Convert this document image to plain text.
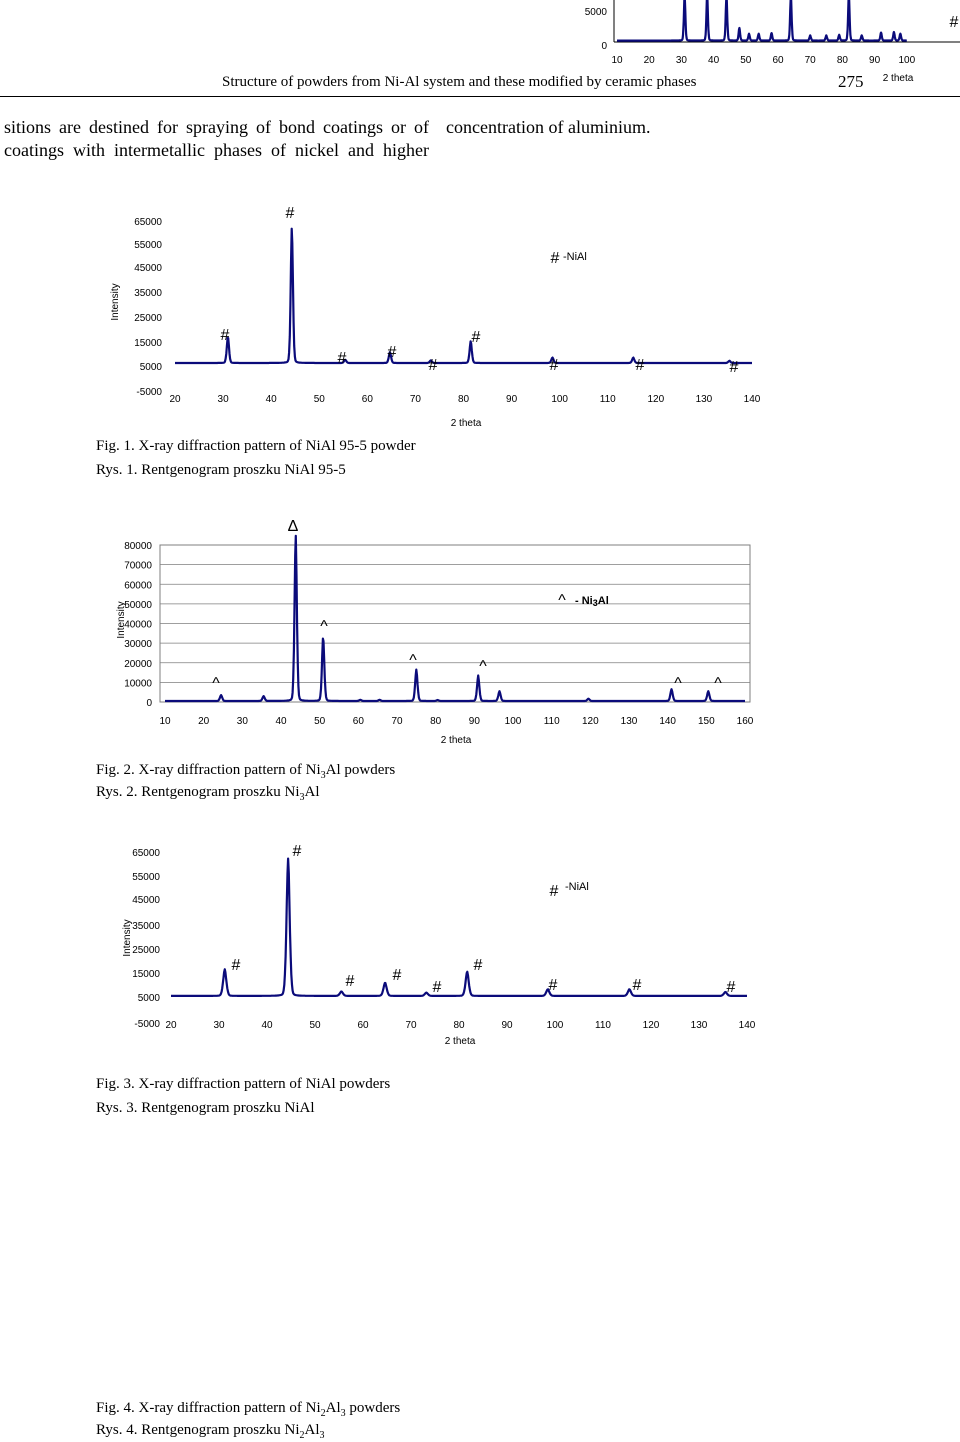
5000
0
10 20 30 40 50 60 70 80 90 100
2 theta
#
Structure of powders from Ni-Al system and these modified by ceramic phases	275
sitions are destined for spraying of bond coatings or of coatings with intermetallic phases of nickel and higher
concentration of aluminium.
65000
55000
45000
35000
25000
15000
5000
-5000
Intensity
20	30	40	50	60	70	80	90	100	110	120	130	140
2 theta
#
#
#	#
#
#
#	#	#
# -NiAl
Fig. 1. X-ray diffraction pattern of NiAl 95-5 powder
Rys. 1. Rentgenogram proszku NiAl 95-5
80000
70000
60000
50000
40000
30000
20000
10000
0
Intensity
10	20	30	40	50	60	70	80	90 100 110 120 130 140 150 160
2 theta
^
^
^	^
^ ^
Δ
^ - Ni3Al
Fig. 2. X-ray diffraction pattern of $Ni_3Al$ powders
Rys. 2. Rentgenogram proszku $Ni_3Al$
65000
55000
45000
35000
25000
15000
5000
-5000
Intensity
20	30	40	50	60	70	80	90	100	110	120	130	140
2 theta
#
#
# #
#
#
#	#	#
# -NiAl
Fig. 3. X-ray diffraction pattern of NiAl powders
Rys. 3. Rentgenogram proszku NiAl
Fig. 4. X-ray diffraction pattern of $Ni_2Al_3$ powders
Rys. 4. Rentgenogram proszku $Ni_2Al_3$
